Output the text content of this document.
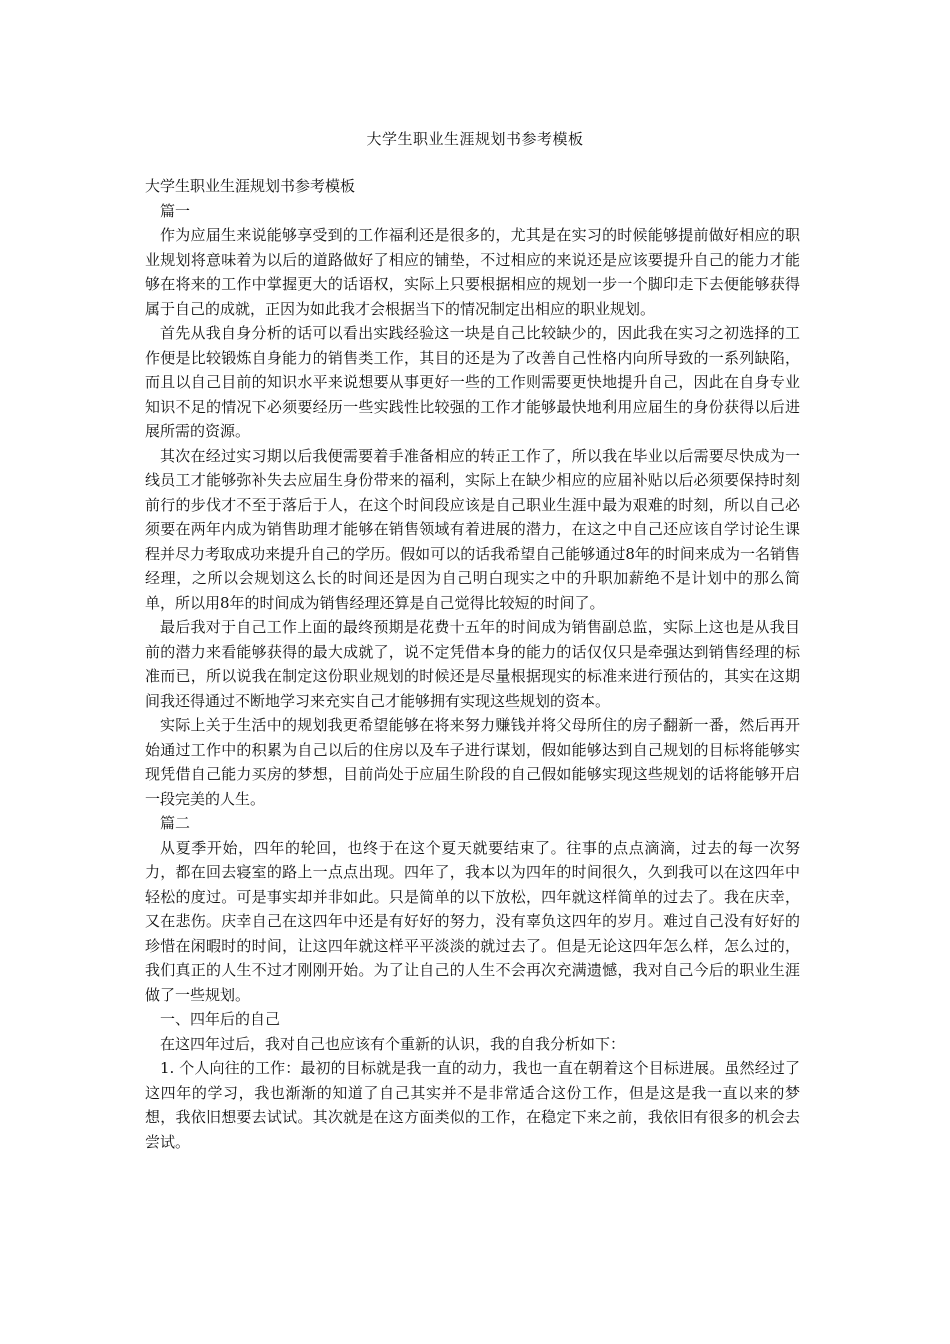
大学生职业生涯规划书参考模板

大学生职业生涯规划书参考模板

篇一

作为应届生来说能够享受到的工作福利还是很多的，尤其是在实习的时候能够提前做好相应的职业规划将意味着为以后的道路做好了相应的铺垫，不过相应的来说还是应该要提升自己的能力才能够在将来的工作中掌握更大的话语权，实际上只要根据相应的规划一步一个脚印走下去便能够获得属于自己的成就，正因为如此我才会根据当下的情况制定出相应的职业规划。

首先从我自身分析的话可以看出实践经验这一块是自己比较缺少的，因此我在实习之初选择的工作便是比较锻炼自身能力的销售类工作，其目的还是为了改善自己性格内向所导致的一系列缺陷，而且以自己目前的知识水平来说想要从事更好一些的工作则需要更快地提升自己，因此在自身专业知识不足的情况下必须要经历一些实践性比较强的工作才能够最快地利用应届生的身份获得以后进展所需的资源。

其次在经过实习期以后我便需要着手准备相应的转正工作了，所以我在毕业以后需要尽快成为一线员工才能够弥补失去应届生身份带来的福利，实际上在缺少相应的应届补贴以后必须要保持时刻前行的步伐才不至于落后于人，在这个时间段应该是自己职业生涯中最为艰难的时刻，所以自己必须要在两年内成为销售助理才能够在销售领域有着进展的潜力，在这之中自己还应该自学讨论生课程并尽力考取成功来提升自己的学历。假如可以的话我希望自己能够通过8年的时间来成为一名销售经理，之所以会规划这么长的时间还是因为自己明白现实之中的升职加薪绝不是计划中的那么简单，所以用8年的时间成为销售经理还算是自己觉得比较短的时间了。

最后我对于自己工作上面的最终预期是花费十五年的时间成为销售副总监，实际上这也是从我目前的潜力来看能够获得的最大成就了，说不定凭借本身的能力的话仅仅只是牵强达到销售经理的标准而已，所以说我在制定这份职业规划的时候还是尽量根据现实的标准来进行预估的，其实在这期间我还得通过不断地学习来充实自己才能够拥有实现这些规划的资本。

实际上关于生活中的规划我更希望能够在将来努力赚钱并将父母所住的房子翻新一番，然后再开始通过工作中的积累为自己以后的住房以及车子进行谋划，假如能够达到自己规划的目标将能够实现凭借自己能力买房的梦想，目前尚处于应届生阶段的自己假如能够实现这些规划的话将能够开启一段完美的人生。

篇二

从夏季开始，四年的轮回，也终于在这个夏天就要结束了。往事的点点滴滴，过去的每一次努力，都在回去寝室的路上一点点出现。四年了，我本以为四年的时间很久，久到我可以在这四年中轻松的度过。可是事实却并非如此。只是简单的以下放松，四年就这样简单的过去了。我在庆幸，又在悲伤。庆幸自己在这四年中还是有好好的努力，没有辜负这四年的岁月。难过自己没有好好的珍惜在闲暇时的时间，让这四年就这样平平淡淡的就过去了。但是无论这四年怎么样，怎么过的，我们真正的人生不过才刚刚开始。为了让自己的人生不会再次充满遗憾，我对自己今后的职业生涯做了一些规划。

一、四年后的自己

在这四年过后，我对自己也应该有个重新的认识，我的自我分析如下：

1. 个人向往的工作：最初的目标就是我一直的动力，我也一直在朝着这个目标进展。虽然经过了这四年的学习，我也渐渐的知道了自己其实并不是非常适合这份工作，但是这是我一直以来的梦想，我依旧想要去试试。其次就是在这方面类似的工作，在稳定下来之前，我依旧有很多的机会去尝试。
